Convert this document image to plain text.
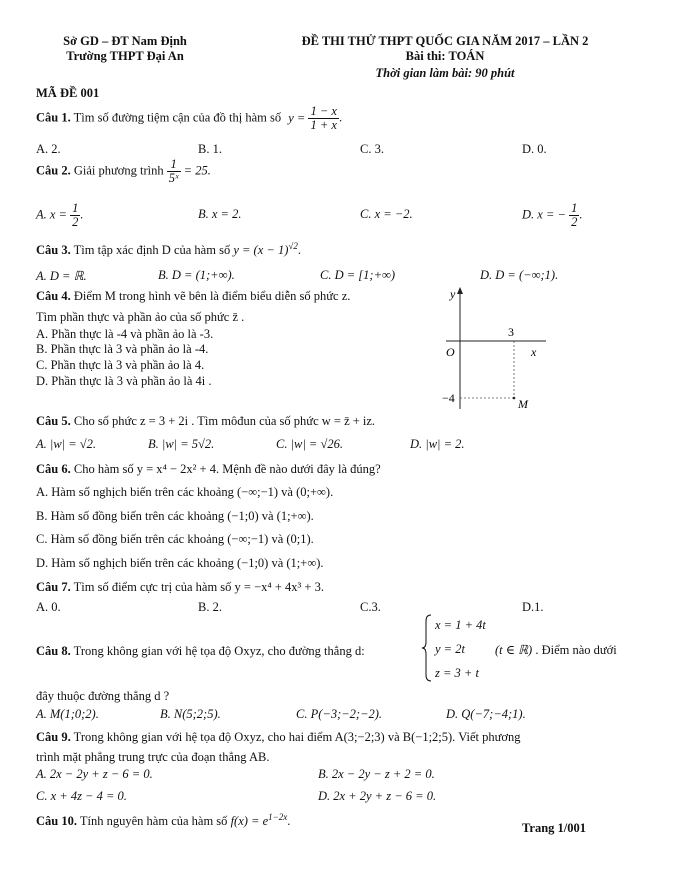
Sở GD – ĐT Nam Định
Trường THPT Đại An
ĐỀ THI THỬ THPT QUỐC GIA NĂM 2017 – LẦN 2
Bài thi: TOÁN
Thời gian làm bài: 90 phút
MÃ ĐỀ 001
Câu 1. Tìm số đường tiệm cận của đồ thị hàm số $y = \frac{1 - x}{1 + x}$ .
A. 2.	B. 1.	C. 3.	D. 0.
Câu 2. Giải phương trình $\frac{1}{\text{5ˣ}} = 25$.
A. $x = \frac{1}{2}$ .	B. x = 2.	C. x = −2.	D. x = − $\frac{1}{2}$ .
Câu 3. Tìm tập xác định D của hàm số $y = (x - 1)^{√2}$.
A. D = ℝ.	B. D = (1;+∞).	C. D = [1;+∞)	D. D = (−∞;1).
Câu 4. Điểm M trong hình vẽ bên là điểm biểu diễn số phức z.
Tìm phần thực và phần ảo của số phức z̄ .
A. Phần thực là -4 và phần ảo là -3.
B. Phần thực là 3 và phần ảo là -4.
C. Phần thực là 3 và phần ảo là 4.
D. Phần thực là 3 và phần ảo là 4i .
y
x
O
3
−4	M
Câu 5. Cho số phức z = 3 + 2i . Tìm môđun của số phức w = z̄ + iz.
A. |w| = √2.	B. |w| = 5√2.	C. |w| = √26.	D. |w| = 2.
Câu 6. Cho hàm số y = x⁴ − 2x² + 4. Mệnh đề nào dưới đây là đúng?
A. Hàm số nghịch biến trên các khoảng (−∞;−1) và (0;+∞).
B. Hàm số đồng biến trên các khoảng (−1;0) và (1;+∞).
C. Hàm số đồng biến trên các khoảng (−∞;−1) và (0;1).
D. Hàm số nghịch biến trên các khoảng (−1;0) và (1;+∞).
Câu 7. Tìm số điểm cực trị của hàm số y = −x⁴ + 4x³ + 3.
A. 0.	B. 2.	C.3.	D.1.
Câu 8. Trong không gian với hệ tọa độ Oxyz, cho đường thẳng d:
x = 1 + 4t
y = 2t
z = 3 + t
(t ∈ ℝ) . Điểm nào dưới
đây thuộc đường thẳng d ?
A. M(1;0;2).	B. N(5;2;5).	C. P(−3;−2;−2).	D. Q(−7;−4;1).
Câu 9. Trong không gian với hệ tọa độ Oxyz, cho hai điểm A(3;−2;3) và B(−1;2;5). Viết phương
trình mặt phẳng trung trực của đoạn thẳng AB.
A. 2x − 2y + z − 6 = 0.	B. 2x − 2y − z + 2 = 0.
C. x + 4z − 4 = 0.	D. 2x + 2y + z − 6 = 0.
Câu 10. Tính nguyên hàm của hàm số $f(x) = e^{1-2x}$.	Trang 1/001
